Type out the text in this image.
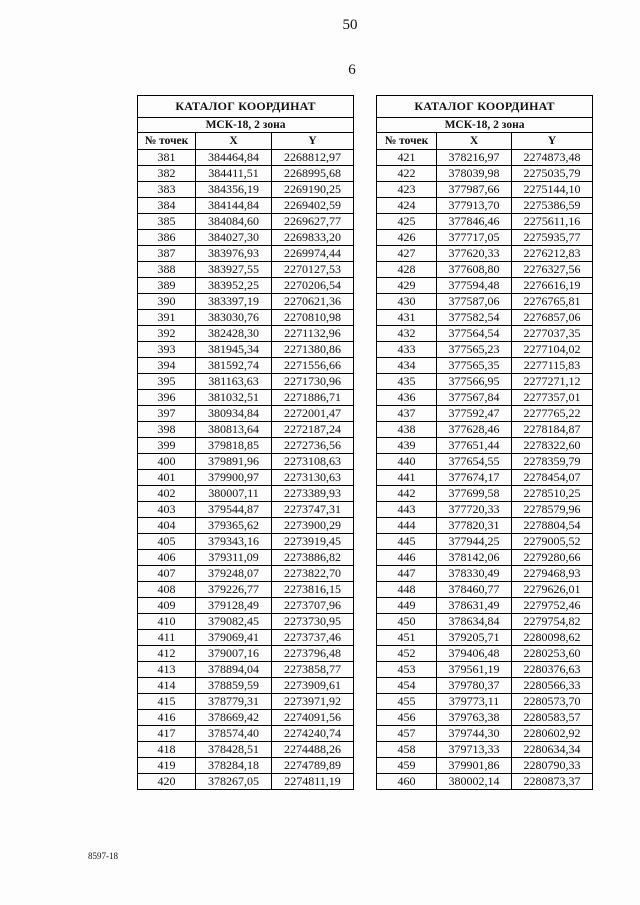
50
6
КАТАЛОГ КООРДИНАТ		
МСК-18, 2 зона		
№ точек	X	Y
381	384464,84	2268812,97
382	384411,51	2268995,68
383	384356,19	2269190,25
384	384144,84	2269402,59
385	384084,60	2269627,77
386	384027,30	2269833,20
387	383976,93	2269974,44
388	383927,55	2270127,53
389	383952,25	2270206,54
390	383397,19	2270621,36
391	383030,76	2270810,98
392	382428,30	2271132,96
393	381945,34	2271380,86
394	381592,74	2271556,66
395	381163,63	2271730,96
396	381032,51	2271886,71
397	380934,84	2272001,47
398	380813,64	2272187,24
399	379818,85	2272736,56
400	379891,96	2273108,63
401	379900,97	2273130,63
402	380007,11	2273389,93
403	379544,87	2273747,31
404	379365,62	2273900,29
405	379343,16	2273919,45
406	379311,09	2273886,82
407	379248,07	2273822,70
408	379226,77	2273816,15
409	379128,49	2273707,96
410	379082,45	2273730,95
411	379069,41	2273737,46
412	379007,16	2273796,48
413	378894,04	2273858,77
414	378859,59	2273909,61
415	378779,31	2273971,92
416	378669,42	2274091,56
417	378574,40	2274240,74
418	378428,51	2274488,26
419	378284,18	2274789,89
420	378267,05	2274811,19
КАТАЛОГ КООРДИНАТ		
МСК-18, 2 зона		
№ точек	X	Y
421	378216,97	2274873,48
422	378039,98	2275035,79
423	377987,66	2275144,10
424	377913,70	2275386,59
425	377846,46	2275611,16
426	377717,05	2275935,77
427	377620,33	2276212,83
428	377608,80	2276327,56
429	377594,48	2276616,19
430	377587,06	2276765,81
431	377582,54	2276857,06
432	377564,54	2277037,35
433	377565,23	2277104,02
434	377565,35	2277115,83
435	377566,95	2277271,12
436	377567,84	2277357,01
437	377592,47	2277765,22
438	377628,46	2278184,87
439	377651,44	2278322,60
440	377654,55	2278359,79
441	377674,17	2278454,07
442	377699,58	2278510,25
443	377720,33	2278579,96
444	377820,31	2278804,54
445	377944,25	2279005,52
446	378142,06	2279280,66
447	378330,49	2279468,93
448	378460,77	2279626,01
449	378631,49	2279752,46
450	378634,84	2279754,82
451	379205,71	2280098,62
452	379406,48	2280253,60
453	379561,19	2280376,63
454	379780,37	2280566,33
455	379773,11	2280573,70
456	379763,38	2280583,57
457	379744,30	2280602,92
458	379713,33	2280634,34
459	379901,86	2280790,33
460	380002,14	2280873,37
8597-18
